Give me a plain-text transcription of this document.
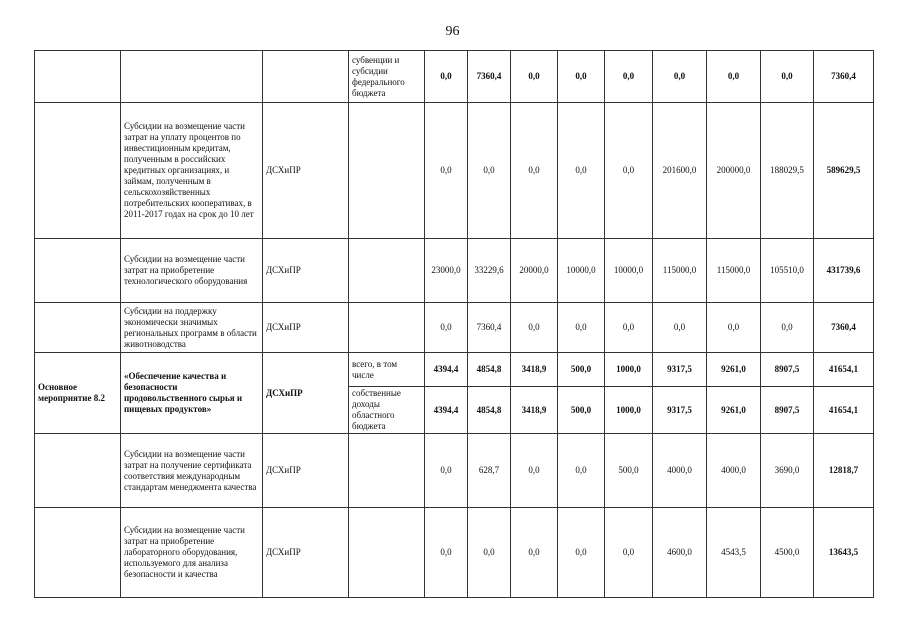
96
			субвенции и субсидии федерального бюджета	0,0	7360,4	0,0	0,0	0,0	0,0	0,0	0,0	7360,4
	Субсидии на возмещение части затрат на уплату процентов по инвестиционным кредитам, полученным в российских кредитных организациях, и займам, полученным в сельскохозяйственных потребительских кооперативах, в 2011-2017 годах на срок до 10 лет	ДСХиПР		0,0	0,0	0,0	0,0	0,0	201600,0	200000,0	188029,5	589629,5
	Субсидии на возмещение части затрат на приобретение технологического оборудования	ДСХиПР		23000,0	33229,6	20000,0	10000,0	10000,0	115000,0	115000,0	105510,0	431739,6
	Субсидии на поддержку экономически значимых региональных программ в области животноводства	ДСХиПР		0,0	7360,4	0,0	0,0	0,0	0,0	0,0	0,0	7360,4
Основное мероприятие 8.2	«Обеспечение качества и безопасности продовольственного сырья и пищевых продуктов»	ДСХиПР	всего, в том числе	4394,4	4854,8	3418,9	500,0	1000,0	9317,5	9261,0	8907,5	41654,1
			собственные доходы областного бюджета	4394,4	4854,8	3418,9	500,0	1000,0	9317,5	9261,0	8907,5	41654,1
	Субсидии на возмещение части затрат на получение сертификата соответствия международным стандартам менеджмента качества	ДСХиПР		0,0	628,7	0,0	0,0	500,0	4000,0	4000,0	3690,0	12818,7
	Субсидии на возмещение части затрат на приобретение лабораторного оборудования, используемого для анализа безопасности и качества	ДСХиПР		0,0	0,0	0,0	0,0	0,0	4600,0	4543,5	4500,0	13643,5
